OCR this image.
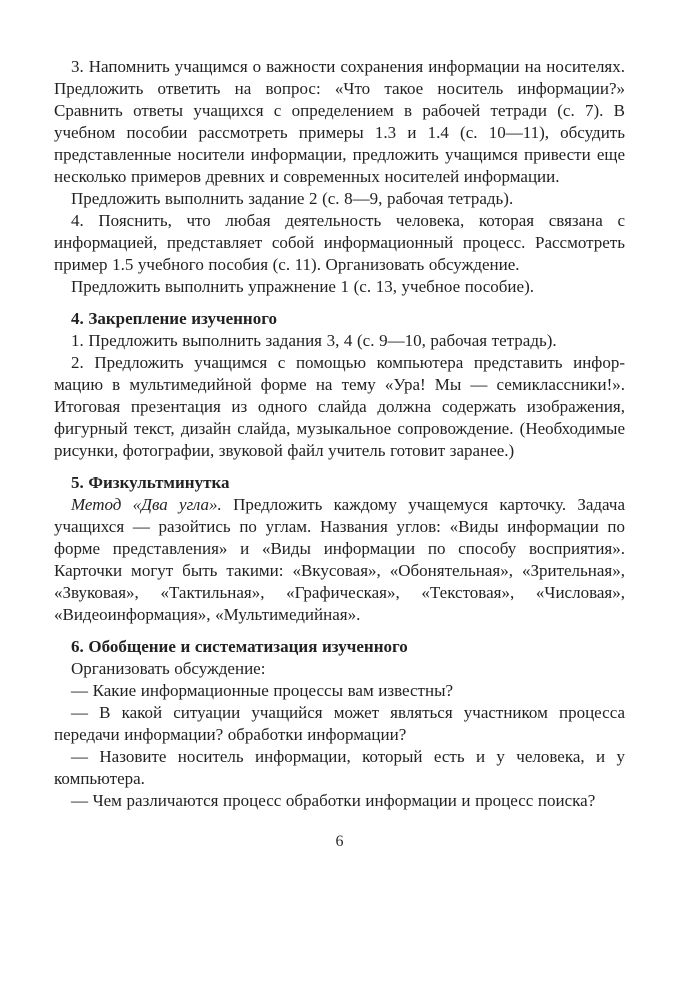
3. Напомнить учащимся о важности сохранения информации на носителях. Предложить ответить на вопрос: «Что такое носитель информации?» Сравнить ответы учащихся с определением в рабочей тетради (с. 7). В учебном пособии рассмотреть примеры 1.3 и 1.4 (с. 10—11), обсудить представленные носители информации, предложить учащимся привести еще несколько примеров древних и современных носителей информации.

Предложить выполнить задание 2 (с. 8—9, рабочая тетрадь).

4. Пояснить, что любая деятельность человека, которая связана с информацией, представляет собой информационный процесс. Рассмотреть пример 1.5 учебного пособия (с. 11). Организовать обсуждение.

Предложить выполнить упражнение 1 (с. 13, учебное пособие).

4. Закрепление изученного

1. Предложить выполнить задания 3, 4 (с. 9—10, рабочая тетрадь).

2. Предложить учащимся с помощью компьютера представить информацию в мультимедийной форме на тему «Ура! Мы — семиклассники!». Итоговая презентация из одного слайда должна содержать изображения, фигурный текст, дизайн слайда, музыкальное сопровождение. (Необходимые рисунки, фотографии, звуковой файл учитель готовит заранее.)

5. Физкультминутка

Метод «Два угла». Предложить каждому учащемуся карточку. Задача учащихся — разойтись по углам. Названия углов: «Виды информации по форме представления» и «Виды информации по способу восприятия». Карточки могут быть такими: «Вкусовая», «Обонятельная», «Зрительная», «Звуковая», «Тактильная», «Графическая», «Текстовая», «Числовая», «Видеоинформация», «Мультимедийная».

6. Обобщение и систематизация изученного

Организовать обсуждение:

— Какие информационные процессы вам известны?

— В какой ситуации учащийся может являться участником процесса передачи информации? обработки информации?

— Назовите носитель информации, который есть и у человека, и у компьютера.

— Чем различаются процесс обработки информации и процесс поиска?

6
